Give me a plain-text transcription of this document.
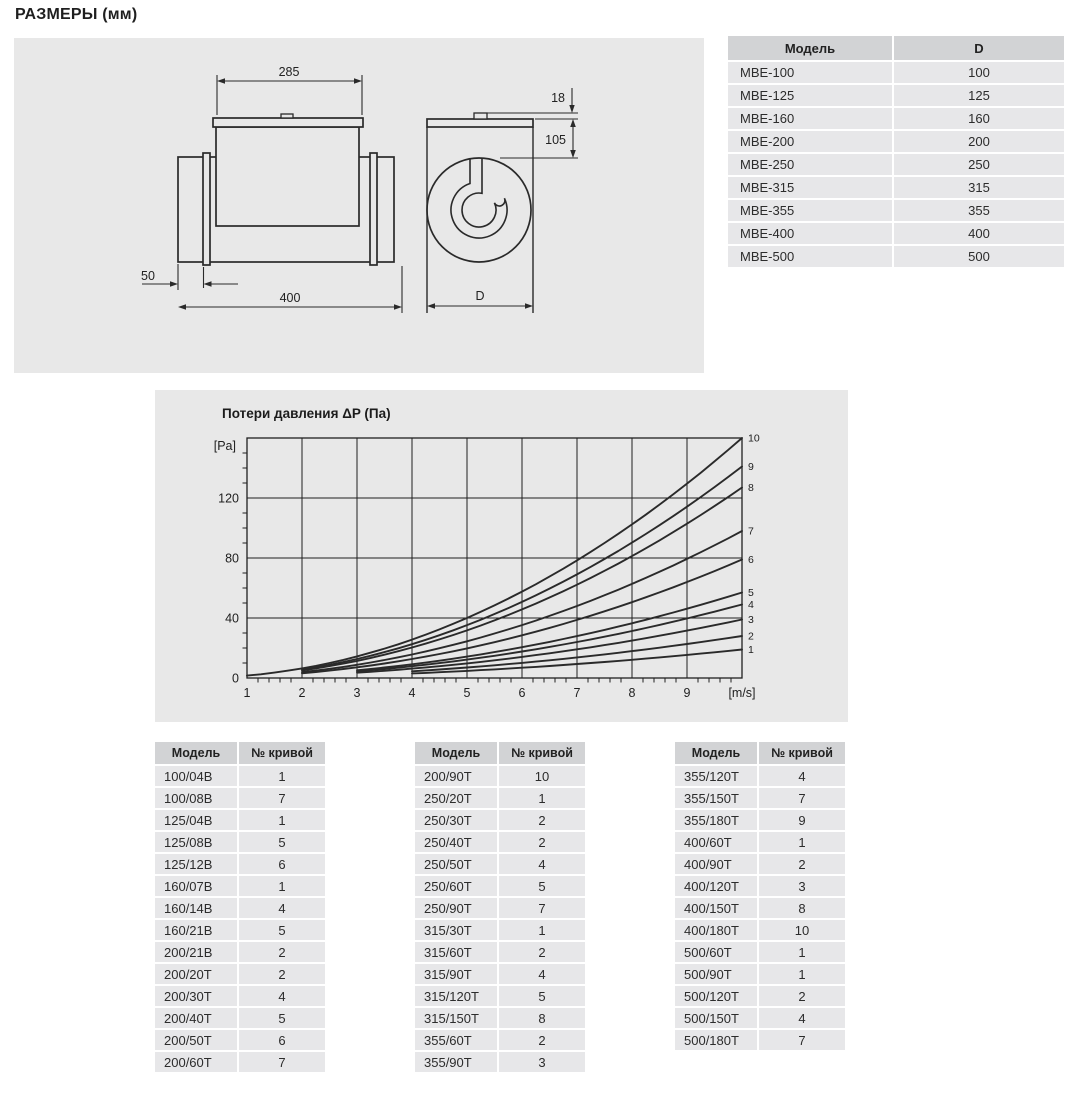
РАЗМЕРЫ (мм)
285
18
105
50
400	D
Модель	D
MBE-100	100
MBE-125	125
MBE-160	160
MBE-200	200
MBE-250	250
MBE-315	315
MBE-355	355
MBE-400	400
MBE-500	500
Потери давления ΔP (Па)
0
40
80
120
1	2	3	4	5	6	7	8	9	[m/s]
[Pa]
1
2
3
4
5
6
7
8
9
10
Модель	№ кривой
100/04B	1
100/08B	7
125/04B	1
125/08B	5
125/12B	6
160/07B	1
160/14B	4
160/21B	5
200/21B	2
200/20T	2
200/30T	4
200/40T	5
200/50T	6
200/60T	7
Модель	№ кривой
200/90T	10
250/20T	1
250/30T	2
250/40T	2
250/50T	4
250/60T	5
250/90T	7
315/30T	1
315/60T	2
315/90T	4
315/120T	5
315/150T	8
355/60T	2
355/90T	3
Модель	№ кривой
355/120T	4
355/150T	7
355/180T	9
400/60T	1
400/90T	2
400/120T	3
400/150T	8
400/180T	10
500/60T	1
500/90T	1
500/120T	2
500/150T	4
500/180T	7
